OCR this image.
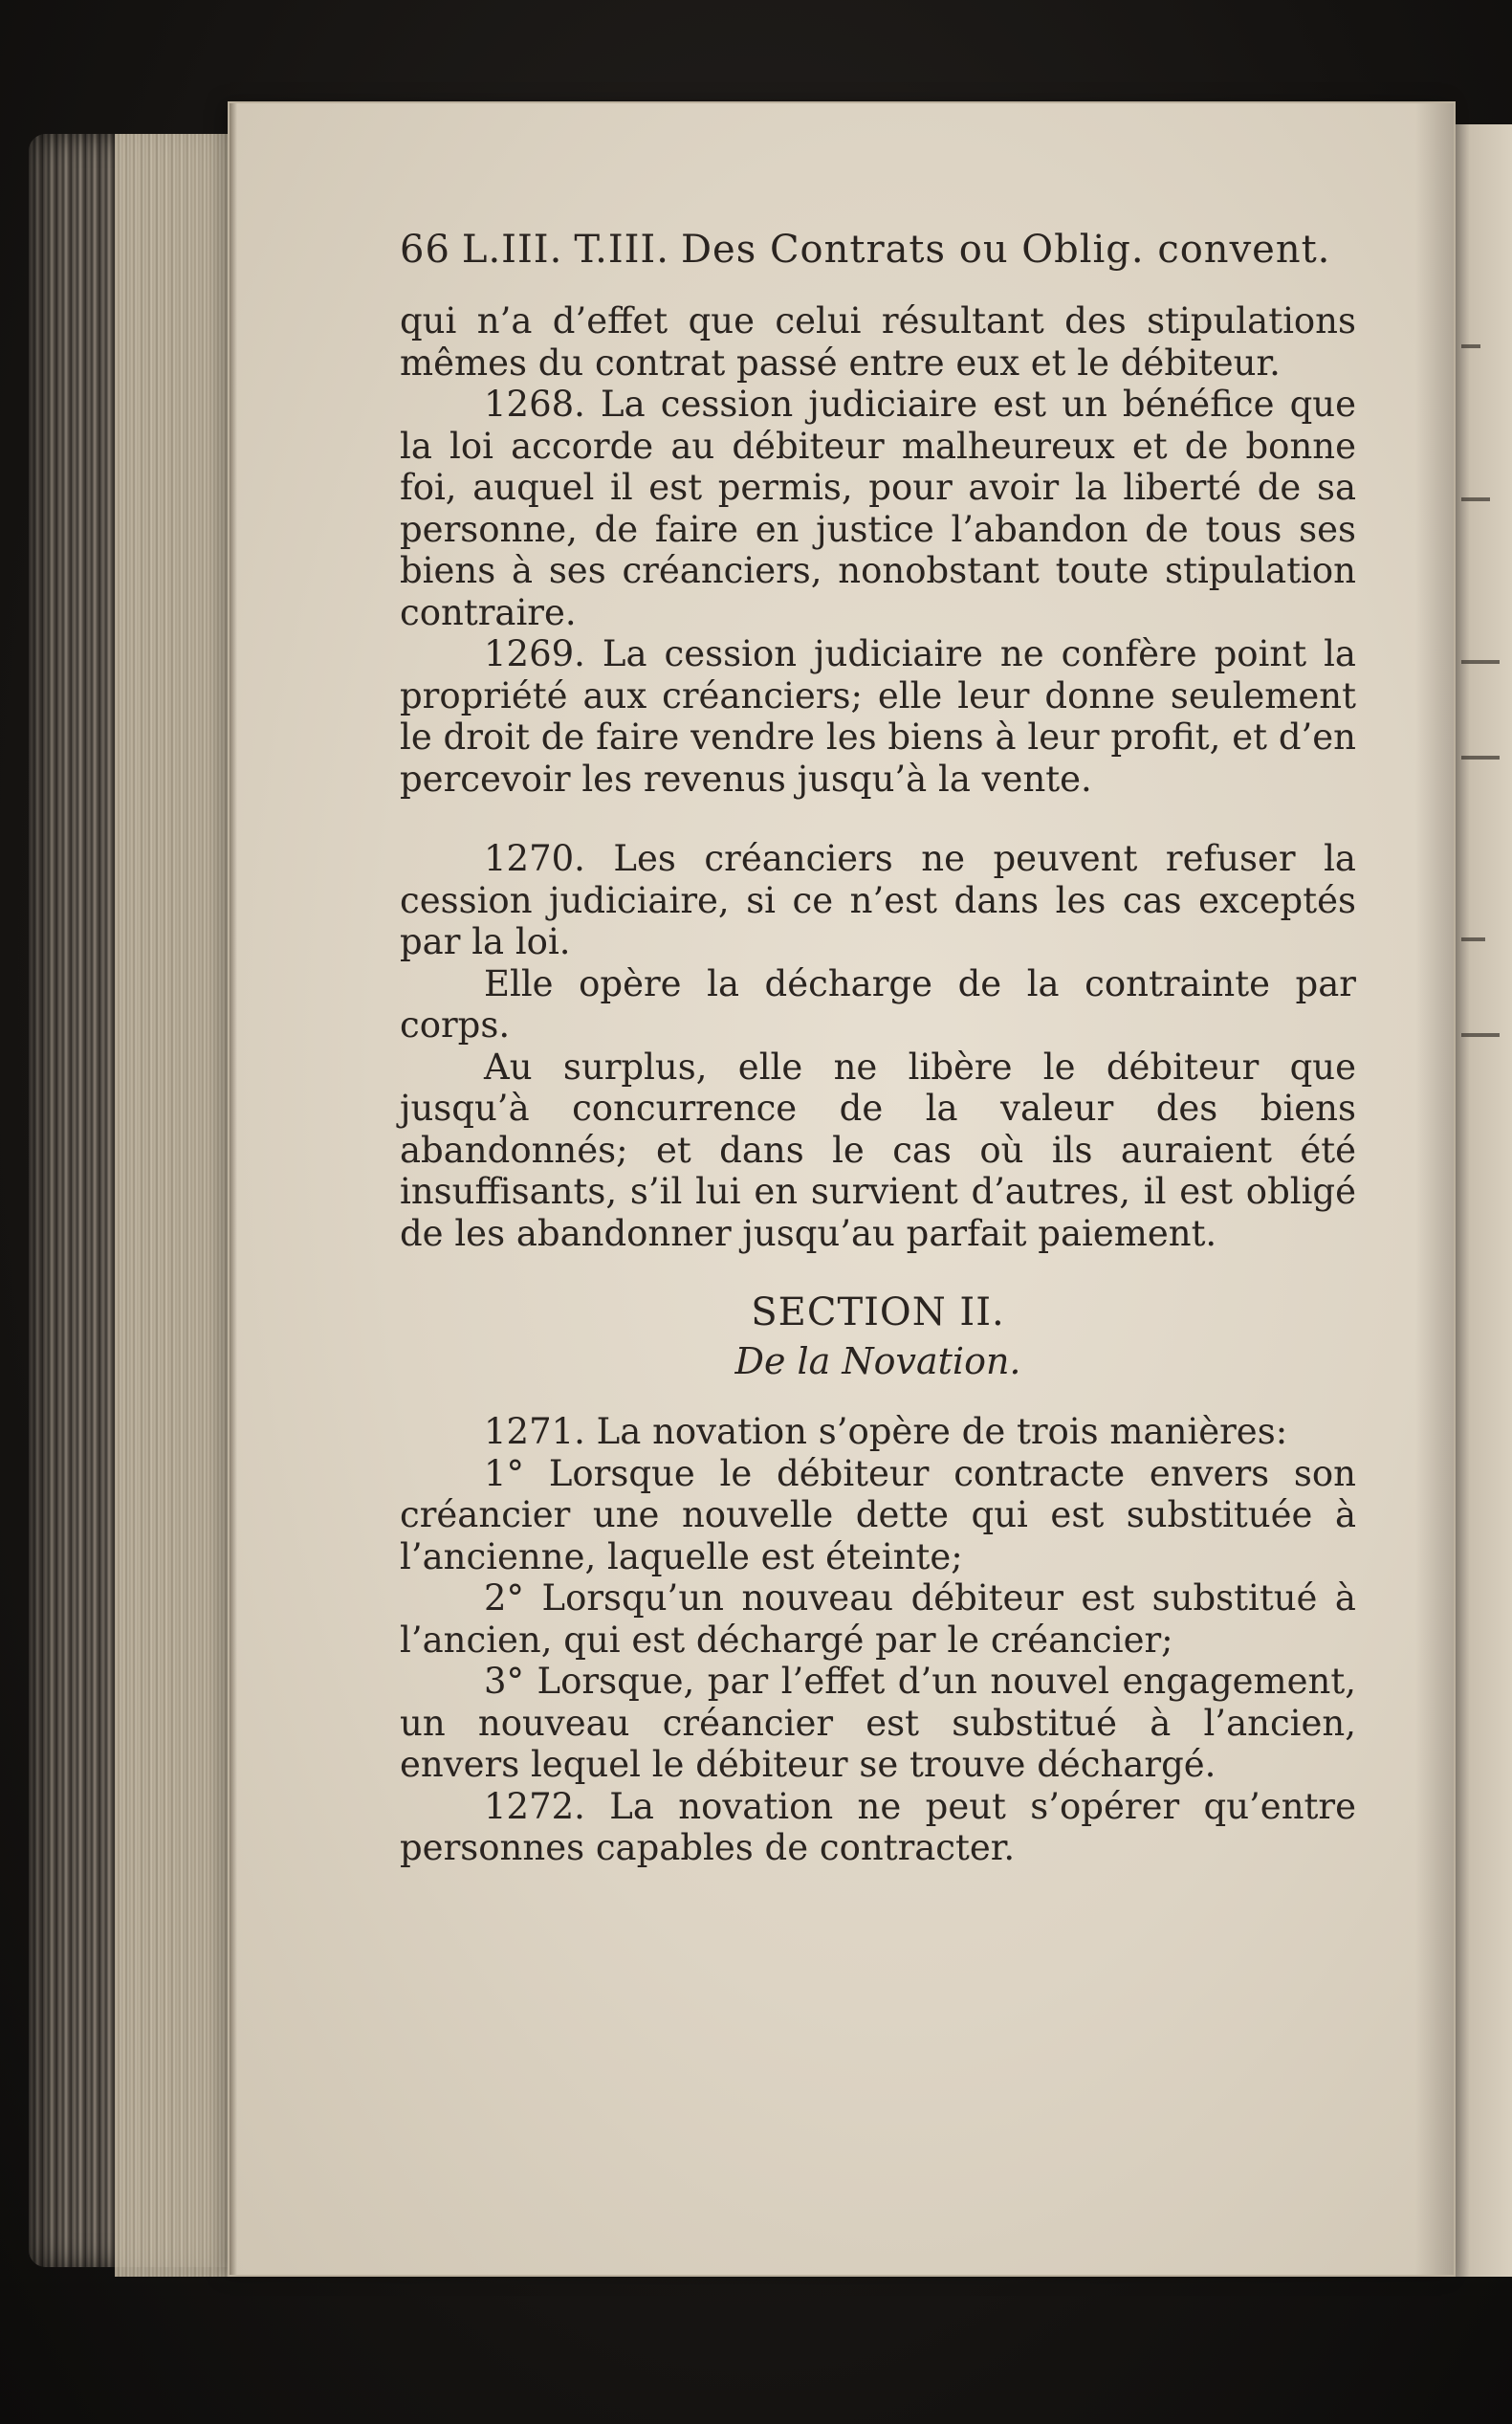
66 L.III. T.III. Des Contrats ou Oblig. convent.

qui n’a d’effet que celui résultant des stipulations mêmes du contrat passé entre eux et le débiteur.

1268. La cession judiciaire est un bénéfice que la loi accorde au débiteur malheureux et de bonne foi, auquel il est permis, pour avoir la liberté de sa personne, de faire en justice l’abandon de tous ses biens à ses créanciers, nonobstant toute stipulation contraire.

1269. La cession judiciaire ne confère point la propriété aux créanciers; elle leur donne seulement le droit de faire vendre les biens à leur profit, et d’en percevoir les revenus jusqu’à la vente.

1270. Les créanciers ne peuvent refuser la cession judiciaire, si ce n’est dans les cas exceptés par la loi.

Elle opère la décharge de la contrainte par corps.

Au surplus, elle ne libère le débiteur que jusqu’à concurrence de la valeur des biens abandonnés; et dans le cas où ils auraient été insuffisants, s’il lui en survient d’autres, il est obligé de les abandonner jusqu’au parfait paiement.

SECTION II.
De la Novation.

1271. La novation s’opère de trois manières:

1° Lorsque le débiteur contracte envers son créancier une nouvelle dette qui est substituée à l’ancienne, laquelle est éteinte;

2° Lorsqu’un nouveau débiteur est substitué à l’ancien, qui est déchargé par le créancier;

3° Lorsque, par l’effet d’un nouvel engagement, un nouveau créancier est substitué à l’ancien, envers lequel le débiteur se trouve déchargé.

1272. La novation ne peut s’opérer qu’entre personnes capables de contracter.
